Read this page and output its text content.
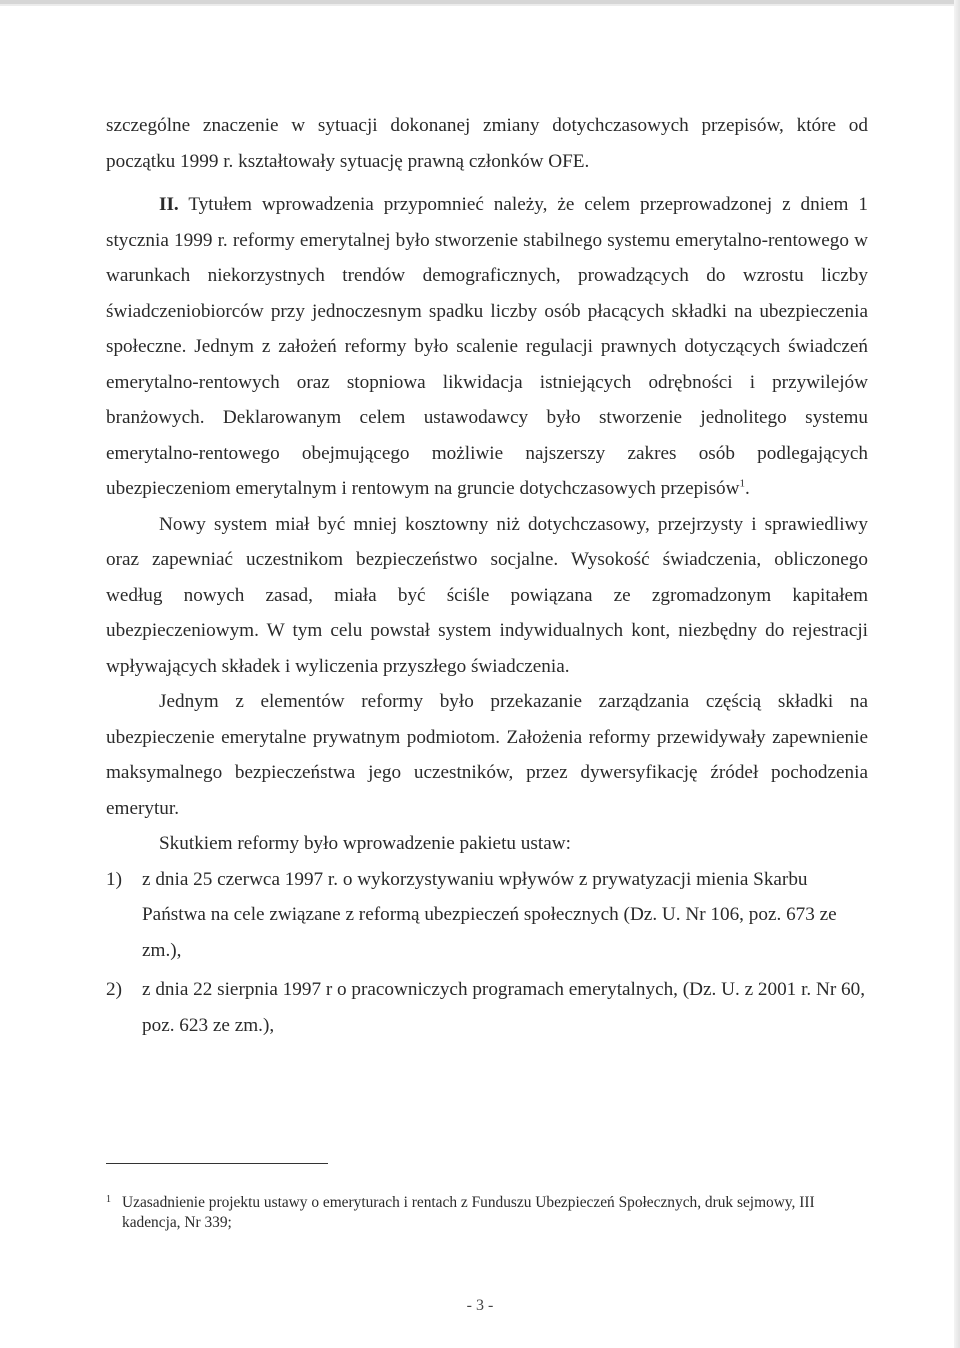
szczególne znaczenie w sytuacji dokonanej zmiany dotychczasowych przepisów, które od początku 1999 r. kształtowały sytuację prawną członków OFE.

II. Tytułem wprowadzenia przypomnieć należy, że celem przeprowadzonej z dniem 1 stycznia 1999 r. reformy emerytalnej było stworzenie stabilnego systemu emerytalno-rentowego w warunkach niekorzystnych trendów demograficznych, prowadzących do wzrostu liczby świadczeniobiorców przy jednoczesnym spadku liczby osób płacących składki na ubezpieczenia społeczne. Jednym z założeń reformy było scalenie regulacji prawnych dotyczących świadczeń emerytalno-rentowych oraz stopniowa likwidacja istniejących odrębności i przywilejów branżowych. Deklarowanym celem ustawodawcy było stworzenie jednolitego systemu emerytalno-rentowego obejmującego możliwie najszerszy zakres osób podlegających ubezpieczeniom emerytalnym i rentowym na gruncie dotychczasowych przepisów$^1$.

Nowy system miał być mniej kosztowny niż dotychczasowy, przejrzysty i sprawiedliwy oraz zapewniać uczestnikom bezpieczeństwo socjalne. Wysokość świadczenia, obliczonego według nowych zasad, miała być ściśle powiązana ze zgromadzonym kapitałem ubezpieczeniowym. W tym celu powstał system indywidualnych kont, niezbędny do rejestracji wpływających składek i wyliczenia przyszłego świadczenia.

Jednym z elementów reformy było przekazanie zarządzania częścią składki na ubezpieczenie emerytalne prywatnym podmiotom. Założenia reformy przewidywały zapewnienie maksymalnego bezpieczeństwa jego uczestników, przez dywersyfikację źródeł pochodzenia emerytur.

Skutkiem reformy było wprowadzenie pakietu ustaw:

1)	z dnia 25 czerwca 1997 r. o wykorzystywaniu wpływów z prywatyzacji mienia Skarbu Państwa na cele związane z reformą ubezpieczeń społecznych (Dz. U. Nr 106, poz. 673 ze zm.),
2)	z dnia 22 sierpnia 1997 r o pracowniczych programach emerytalnych, (Dz. U. z 2001 r. Nr 60, poz. 623 ze zm.),
1 Uzasadnienie projektu ustawy o emeryturach i rentach z Funduszu Ubezpieczeń Społecznych, druk sejmowy, III kadencja, Nr 339;
- 3 -
